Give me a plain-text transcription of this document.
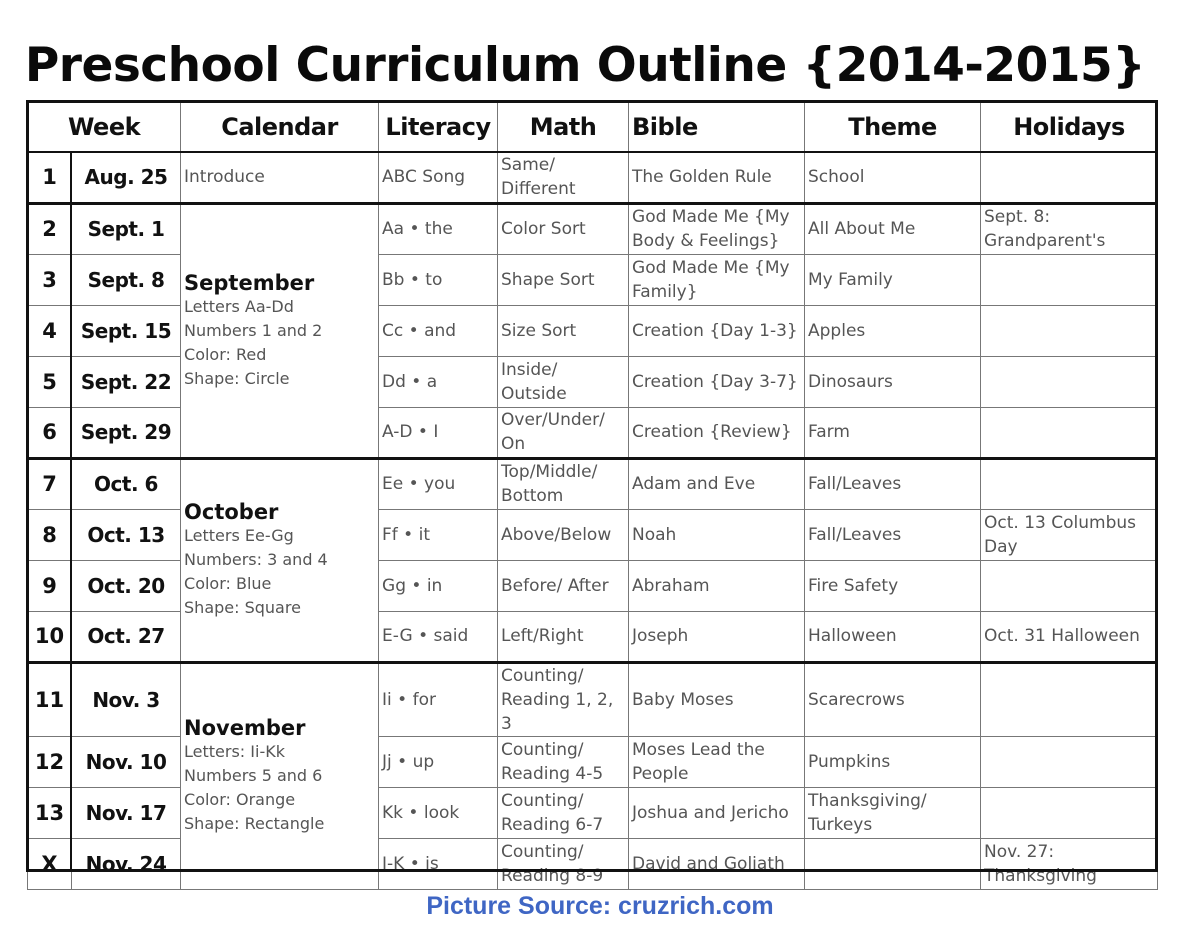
Preschool Curriculum Outline {2014-2015}
Week		Calendar	Literacy	Math	Bible	Theme	Holidays
1	Aug. 25	Introduce	ABC Song	Same/ Different	The Golden Rule	School	
2	Sept. 1	September
Letters Aa-Dd
Numbers 1 and 2
Color: Red
Shape: Circle	Aa • the	Color Sort	God Made Me {My Body & Feelings}	All About Me	Sept. 8: Grandparent's
3	Sept. 8		Bb • to	Shape Sort	God Made Me {My Family}	My Family	
4	Sept. 15		Cc • and	Size Sort	Creation {Day 1-3}	Apples	
5	Sept. 22		Dd • a	Inside/ Outside	Creation {Day 3-7}	Dinosaurs	
6	Sept. 29		A-D • I	Over/Under/ On	Creation {Review}	Farm	
7	Oct. 6	October
Letters Ee-Gg
Numbers: 3 and 4
Color: Blue
Shape: Square	Ee • you	Top/Middle/ Bottom	Adam and Eve	Fall/Leaves	
8	Oct. 13		Ff • it	Above/Below	Noah	Fall/Leaves	Oct. 13 Columbus Day
9	Oct. 20		Gg • in	Before/ After	Abraham	Fire Safety	
10	Oct. 27		E-G • said	Left/Right	Joseph	Halloween	Oct. 31 Halloween
11	Nov. 3	November
Letters: Ii-Kk
Numbers 5 and 6
Color: Orange
Shape: Rectangle	Ii • for	Counting/ Reading 1, 2, 3	Baby Moses	Scarecrows	
12	Nov. 10		Jj • up	Counting/ Reading 4-5	Moses Lead the People	Pumpkins	
13	Nov. 17		Kk • look	Counting/ Reading 6-7	Joshua and Jericho	Thanksgiving/ Turkeys	
X	Nov. 24		I-K • is	Counting/ Reading 8-9	David and Goliath		Nov. 27: Thanksgiving
Picture Source: cruzrich.com
